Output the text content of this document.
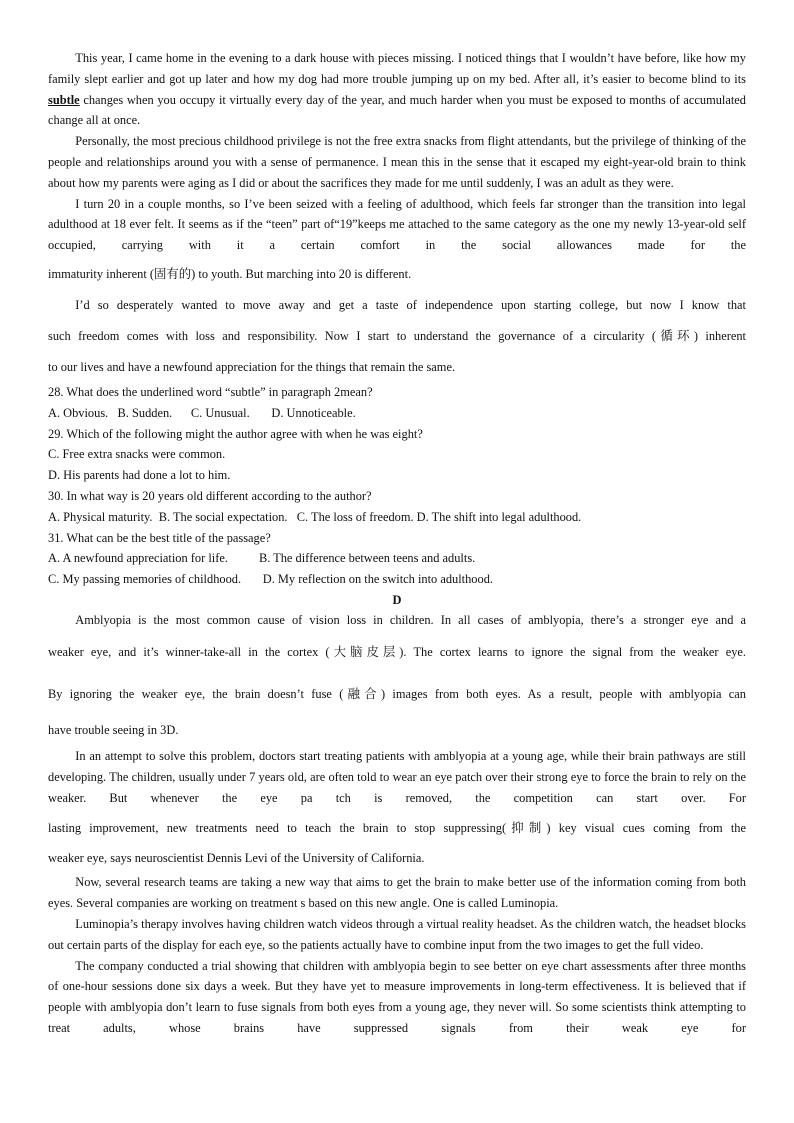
This year, I came home in the evening to a dark house with pieces missing. I noticed things that I wouldn’t have before, like how my family slept earlier and got up later and how my dog had more trouble jumping up on my bed. After all, it’s easier to become blind to its subtle changes when you occupy it virtually every day of the year, and much harder when you must be exposed to months of accumulated change all at once.

Personally, the most precious childhood privilege is not the free extra snacks from flight attendants, but the privilege of thinking of the people and relationships around you with a sense of permanence. I mean this in the sense that it escaped my eight-year-old brain to think about how my parents were aging as I did or about the sacrifices they made for me until suddenly, I was an adult as they were.

I turn 20 in a couple months, so I’ve been seized with a feeling of adulthood, which feels far stronger than the transition into legal adulthood at 18 ever felt. It seems as if the “teen” part of“19”keeps me attached to the same category as the one my newly 13-year-old self occupied, carrying with it a certain comfort in the social allowances made for the

immaturity inherent (固有的) to youth. But marching into 20 is different.

I’d so desperately wanted to move away and get a taste of independence upon starting college, but now I know that

such freedom comes with loss and responsibility. Now I start to understand the governance of a circularity (循环) inherent

to our lives and have a newfound appreciation for the things that remain the same.

28. What does the underlined word “subtle” in paragraph 2mean?

A. Obvious. B. Sudden. C. Unusual. D. Unnoticeable.

29. Which of the following might the author agree with when he was eight?

C. Free extra snacks were common.
D. His parents had done a lot to him.

30. In what way is 20 years old different according to the author?

A. Physical maturity. B. The social expectation. C. The loss of freedom. D. The shift into legal adulthood.

31. What can be the best title of the passage?

A. A newfound appreciation for life. B. The difference between teens and adults.
C. My passing memories of childhood. D. My reflection on the switch into adulthood.

D

Amblyopia is the most common cause of vision loss in children. In all cases of amblyopia, there’s a stronger eye and a

weaker eye, and it’s winner-take-all in the cortex (大脑皮层). The cortex learns to ignore the signal from the weaker eye.

By ignoring the weaker eye, the brain doesn’t fuse (融合) images from both eyes. As a result, people with amblyopia can

have trouble seeing in 3D.

In an attempt to solve this problem, doctors start treating patients with amblyopia at a young age, while their brain pathways are still developing. The children, usually under 7 years old, are often told to wear an eye patch over their strong eye to force the brain to rely on the weaker. But whenever the eye pa tch is removed, the competition can start over. For

lasting improvement, new treatments need to teach the brain to stop suppressing(抑制) key visual cues coming from the

weaker eye, says neuroscientist Dennis Levi of the University of California.

Now, several research teams are taking a new way that aims to get the brain to make better use of the information coming from both eyes. Several companies are working on treatment s based on this new angle. One is called Luminopia.

Luminopia’s therapy involves having children watch videos through a virtual reality headset. As the children watch, the headset blocks out certain parts of the display for each eye, so the patients actually have to combine input from the two images to get the full video.

The company conducted a trial showing that children with amblyopia begin to see better on eye chart assessments after three months of one-hour sessions done six days a week. But they have yet to measure improvements in long-term effectiveness. It is believed that if people with amblyopia don’t learn to fuse signals from both eyes from a young age, they never will. So some scientists think attempting to treat adults, whose brains have suppressed signals from their weak eye for
